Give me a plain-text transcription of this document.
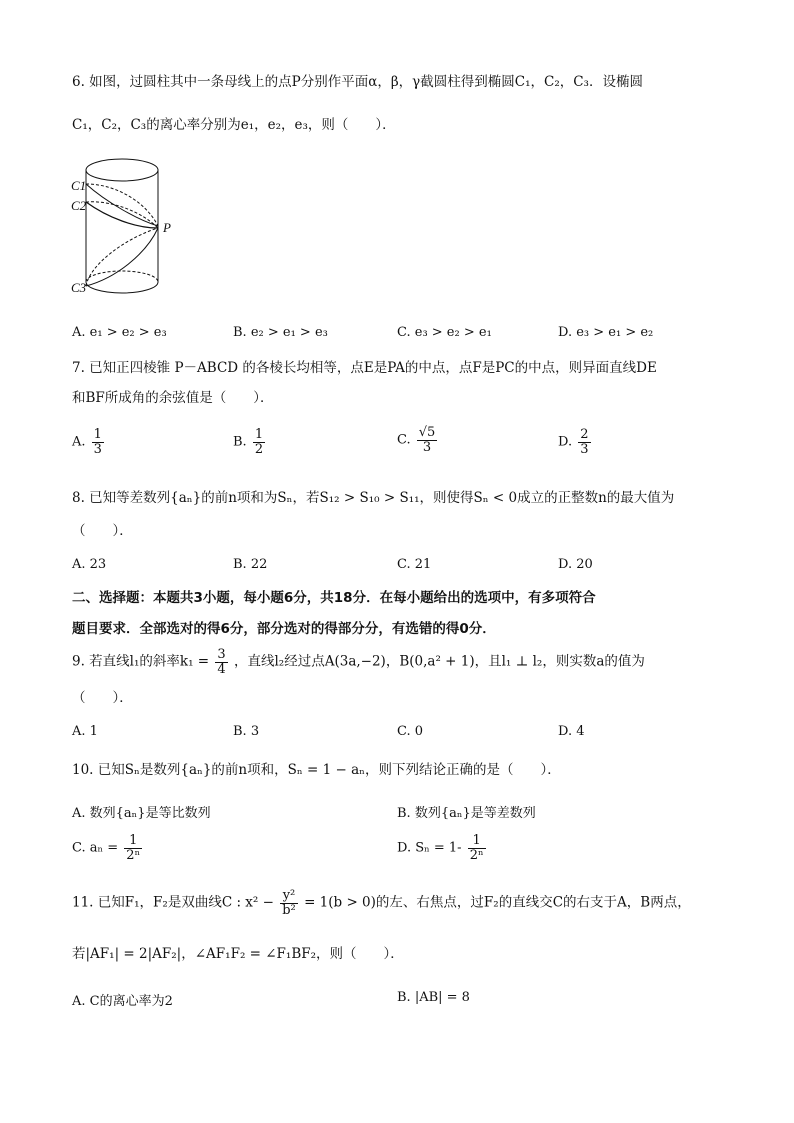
6. 如图，过圆柱其中一条母线上的点P分别作平面α，β，γ截圆柱得到椭圆C₁，C₂，C₃．设椭圆
C₁，C₂，C₃的离心率分别为e₁，e₂，e₃，则（　　）．
C1
C2
P
C3
A. e₁ > e₂ > e₃	B. e₂ > e₁ > e₃	C. e₃ > e₂ > e₁	D. e₃ > e₁ > e₂
7. 已知正四棱锥 P－ABCD 的各棱长均相等，点E是PA的中点，点F是PC的中点，则异面直线DE
和BF所成角的余弦值是（　　）．
A. $\frac{1}{3}$	B. $\frac{1}{2}$	C. $\frac{√5}{3}$	D. $\frac{2}{3}$
8. 已知等差数列{aₙ}的前n项和为Sₙ，若S₁₂ > S₁₀ > S₁₁，则使得Sₙ < 0成立的正整数n的最大值为
（　　）．
A. 23	B. 22	C. 21	D. 20
二、选择题：本题共3小题，每小题6分，共18分．在每小题给出的选项中，有多项符合
题目要求．全部选对的得6分，部分选对的得部分分，有选错的得0分．
9. 若直线l₁的斜率$k_1 = \frac{3}{4}$ ，直线l₂经过点A(3a,−2)，B(0,a² + 1)，且l₁ ⊥ l₂，则实数a的值为
（　　）．
A. 1	B. 3	C. 0	D. 4
10. 已知Sₙ是数列{aₙ}的前n项和，Sₙ = 1 − aₙ，则下列结论正确的是（　　）．
A. 数列{aₙ}是等比数列	B. 数列{aₙ}是等差数列
C. $a_n = \frac{1}{\text{2ⁿ}}$	D. $S_n = 1- \frac{1}{\text{2ⁿ}}$
11. 已知F₁，F₂是双曲线C : $x^2 - \frac{\text{y²}}{\text{b²}} = 1(b > 0)$的左、右焦点，过F₂的直线交C的右支于A，B两点，
若|AF₁| = 2|AF₂|，∠AF₁F₂ = ∠F₁BF₂，则（　　）．
A. C的离心率为2	B. |AB| = 8
